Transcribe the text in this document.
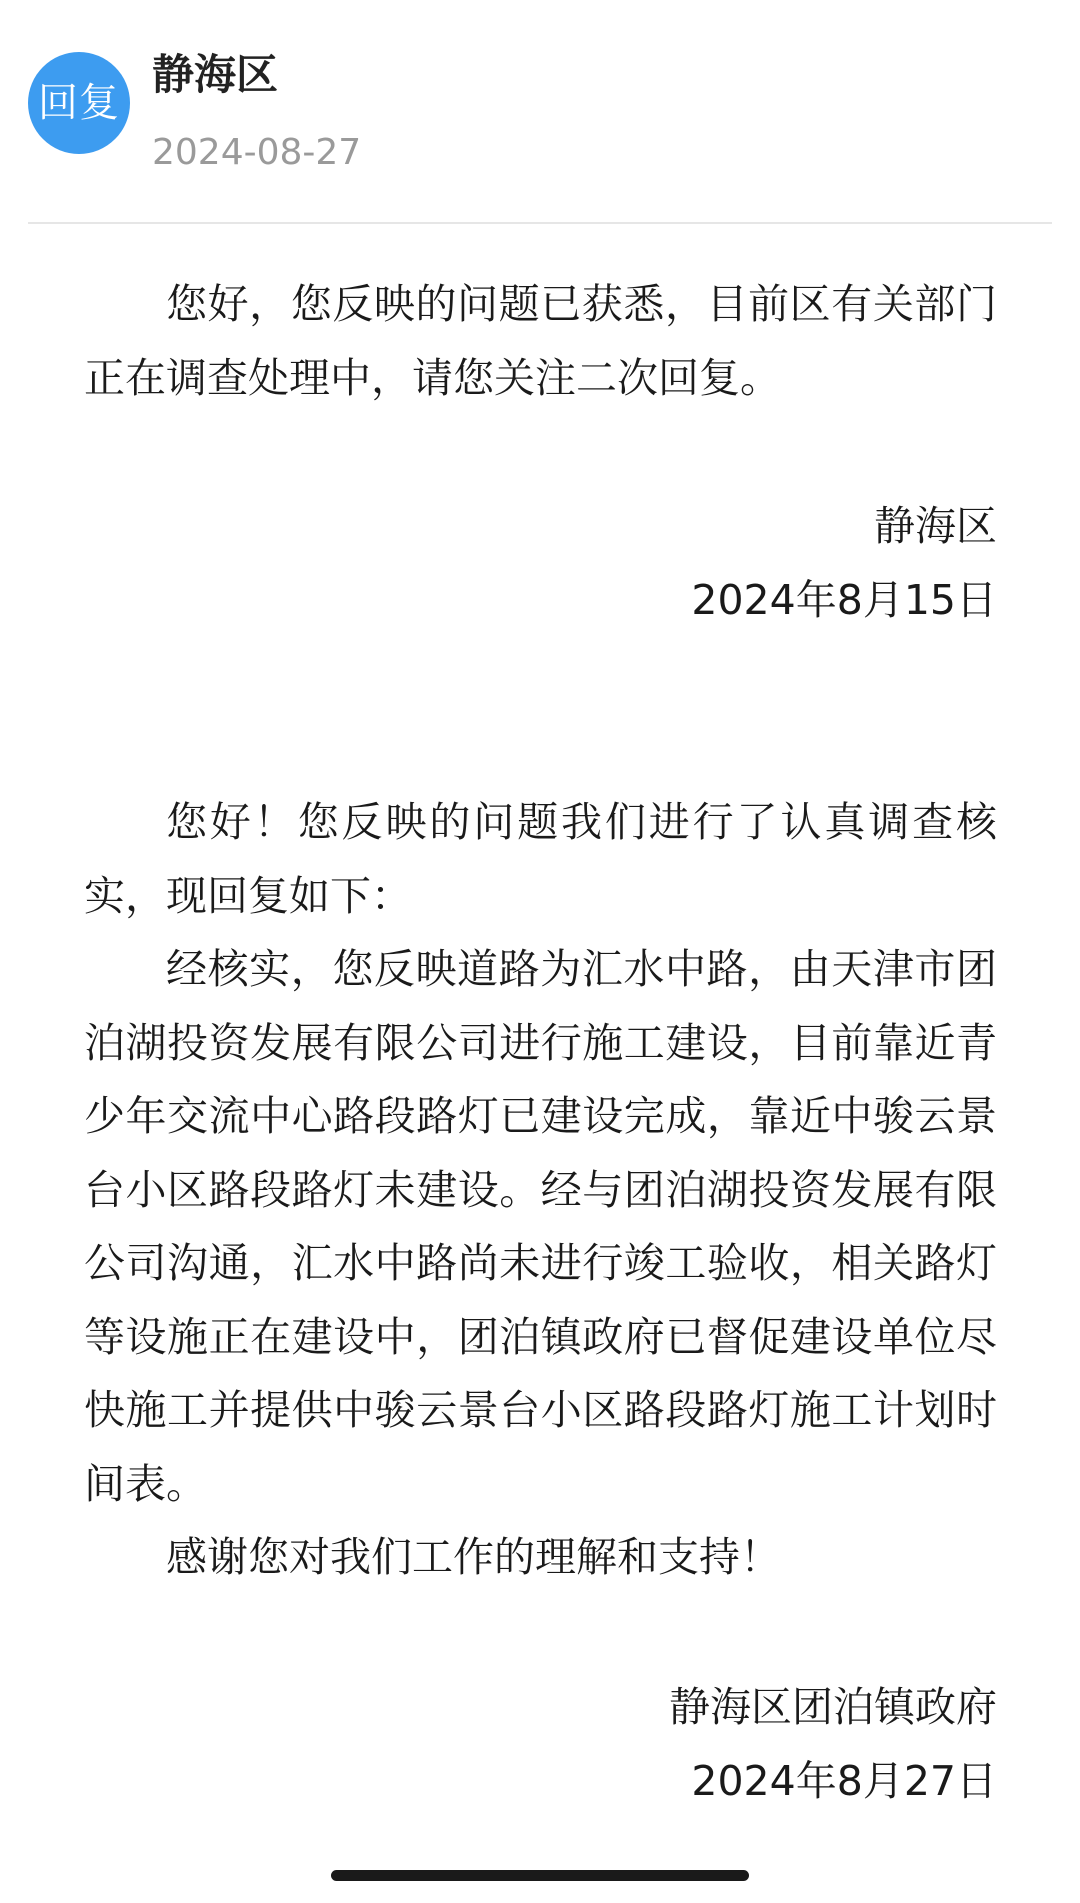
回复
静海区
2024-08-27

您好，您反映的问题已获悉，目前区有关部门正在调查处理中，请您关注二次回复。

静海区
2024年8月15日

您好！您反映的问题我们进行了认真调查核实，现回复如下：

经核实，您反映道路为汇水中路，由天津市团泊湖投资发展有限公司进行施工建设，目前靠近青少年交流中心路段路灯已建设完成，靠近中骏云景台小区路段路灯未建设。经与团泊湖投资发展有限公司沟通，汇水中路尚未进行竣工验收，相关路灯等设施正在建设中，团泊镇政府已督促建设单位尽快施工并提供中骏云景台小区路段路灯施工计划时间表。

感谢您对我们工作的理解和支持！

静海区团泊镇政府
2024年8月27日
